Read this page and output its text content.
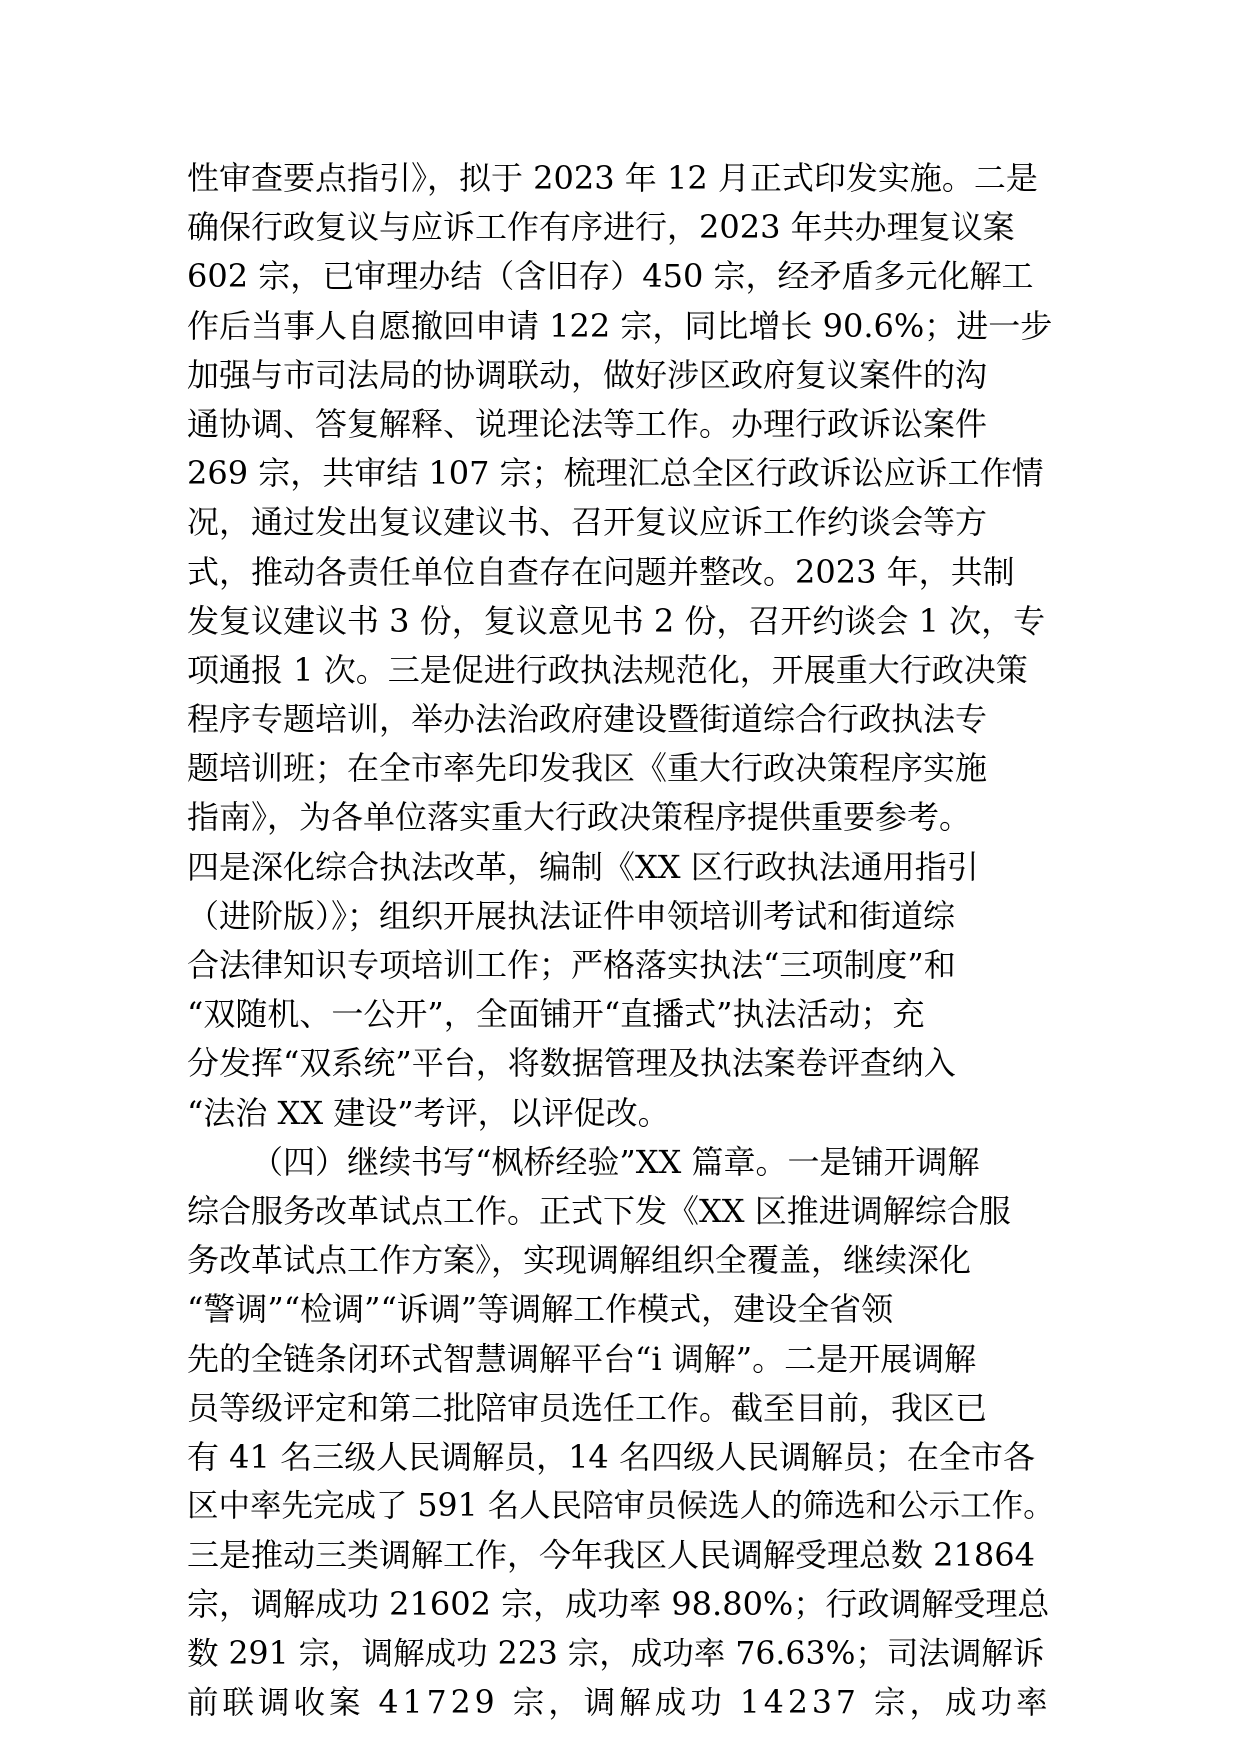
性审查要点指引》，拟于 2023 年 12 月正式印发实施。二是
确保行政复议与应诉工作有序进行，2023 年共办理复议案
602 宗，已审理办结（含旧存）450 宗，经矛盾多元化解工
作后当事人自愿撤回申请 122 宗，同比增长 90.6%；进一步
加强与市司法局的协调联动，做好涉区政府复议案件的沟
通协调、答复解释、说理论法等工作。办理行政诉讼案件
269 宗，共审结 107 宗；梳理汇总全区行政诉讼应诉工作情
况，通过发出复议建议书、召开复议应诉工作约谈会等方
式，推动各责任单位自查存在问题并整改。2023 年，共制
发复议建议书 3 份，复议意见书 2 份，召开约谈会 1 次，专
项通报 1 次。三是促进行政执法规范化，开展重大行政决策
程序专题培训，举办法治政府建设暨街道综合行政执法专
题培训班；在全市率先印发我区《重大行政决策程序实施
指南》，为各单位落实重大行政决策程序提供重要参考。
四是深化综合执法改革，编制《XX 区行政执法通用指引
（进阶版）》；组织开展执法证件申领培训考试和街道综
合法律知识专项培训工作；严格落实执法“三项制度”和
“双随机、一公开”，全面铺开“直播式”执法活动；充
分发挥“双系统”平台，将数据管理及执法案卷评查纳入
“法治 XX 建设”考评，以评促改。
（四）继续书写“枫桥经验”XX 篇章。一是铺开调解
综合服务改革试点工作。正式下发《XX 区推进调解综合服
务改革试点工作方案》，实现调解组织全覆盖，继续深化
“警调”“检调”“诉调”等调解工作模式，建设全省领
先的全链条闭环式智慧调解平台“i 调解”。二是开展调解
员等级评定和第二批陪审员选任工作。截至目前，我区已
有 41 名三级人民调解员，14 名四级人民调解员；在全市各
区中率先完成了 591 名人民陪审员候选人的筛选和公示工作。
三是推动三类调解工作，今年我区人民调解受理总数 21864
宗，调解成功 21602 宗，成功率 98.80%；行政调解受理总
数 291 宗，调解成功 223 宗，成功率 76.63%；司法调解诉
前联调收案 41729 宗，调解成功 14237 宗，成功率
